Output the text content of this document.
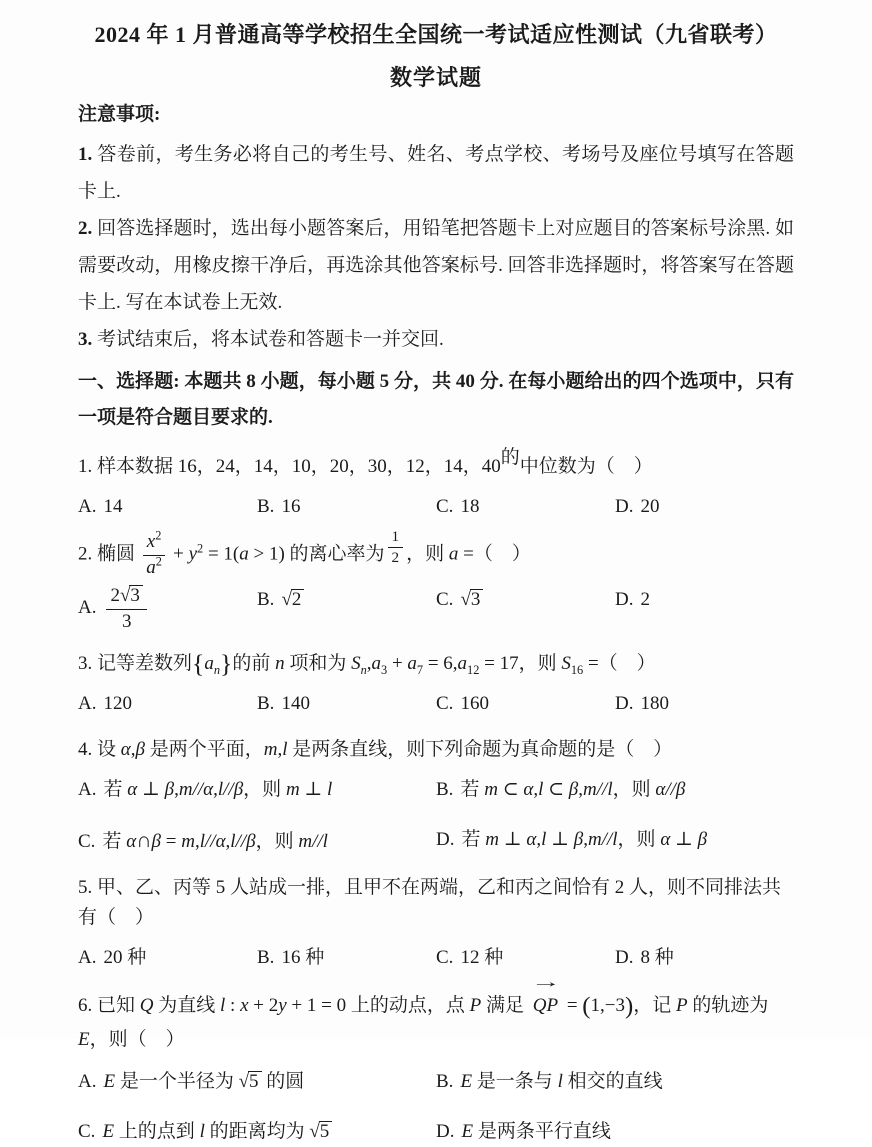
2024 年 1 月普通高等学校招生全国统一考试适应性测试（九省联考）
数学试题
注意事项:

1. 答卷前，考生务必将自己的考生号、姓名、考点学校、考场号及座位号填写在答题卡上.

2. 回答选择题时，选出每小题答案后，用铅笔把答题卡上对应题目的答案标号涂黑. 如需要改动，用橡皮擦干净后，再选涂其他答案标号. 回答非选择题时，将答案写在答题卡上. 写在本试卷上无效.

3. 考试结束后，将本试卷和答题卡一并交回.

一、选择题: 本题共 8 小题，每小题 5 分，共 40 分. 在每小题给出的四个选项中，只有一项是符合题目要求的.

1. 样本数据 16，24，14，10，20，30，12，14，40的中位数为（　）
A. 14	B. 16	C. 18	D. 20
2. 椭圆 $\frac{x^2}{a^2} + y^2 = 1(a > 1)$ 的离心率为 $\frac{1}{2}$ ，则 a =（　）
A. $\frac{2√3}{3}$	B. √2	C. √3	D. 2
3. 记等差数列$\{a_n\}$的前 n 项和为 $S_n,a_3 + a_7 = 6,a_{12} = 17$，则 $S_{16}$ =（　）
A. 120	B. 140	C. 160	D. 180
4. 设 α,β 是两个平面，m,l 是两条直线，则下列命题为真命题的是（　）
A. 若 α ⊥ β,m//α,l//β，则 m ⊥ l	B. 若 m ⊂ α,l ⊂ β,m//l，则 α//β
C. 若 α∩β = m,l//α,l//β，则 m//l	D. 若 m ⊥ α,l ⊥ β,m//l，则 α ⊥ β
5. 甲、乙、丙等 5 人站成一排，且甲不在两端，乙和丙之间恰有 2 人，则不同排法共有（　）
A. 20 种	B. 16 种	C. 12 种	D. 8 种
6. 已知 Q 为直线 l : x + 2y + 1 = 0 上的动点，点 P 满足
→
QP = (1,−3)，记 P 的轨迹为 E，则（　）
A. E 是一个半径为 √5 的圆	B. E 是一条与 l 相交的直线
C. E 上的点到 l 的距离均为 √5	D. E 是两条平行直线
